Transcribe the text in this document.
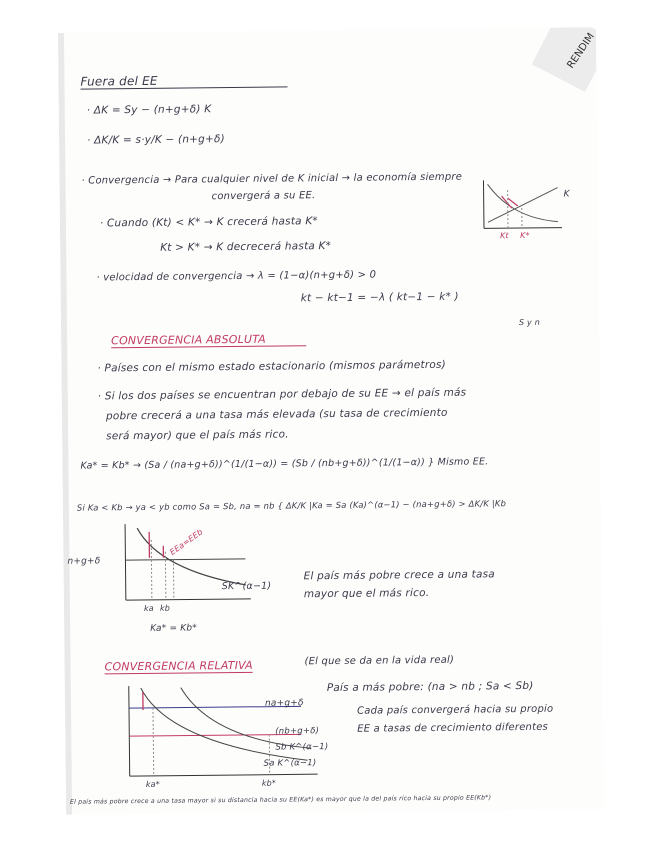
RENDIM
Fuera del EE
· ΔK = Sy − (n+g+δ) K
· ΔK/K = s·y/K − (n+g+δ)
· Convergencia → Para cualquier nivel de K inicial → la economía siempre
convergerá a su EE.
· Cuando (Kt) < K* → K crecerá hasta K*
Kt > K* → K decrecerá hasta K*
· velocidad de convergencia → λ = (1−α)(n+g+δ) > 0
kt − kt−1 = −λ ( kt−1 − k* )
K
Kt K*
CONVERGENCIA ABSOLUTA
S y n
· Países con el mismo estado estacionario (mismos parámetros)
· Si los dos países se encuentran por debajo de su EE → el país más
pobre crecerá a una tasa más elevada (su tasa de crecimiento
será mayor) que el país más rico.
Ka* = Kb* → (Sa / (na+g+δ))^(1/(1−α)) = (Sb / (nb+g+δ))^(1/(1−α)) } Mismo EE.
Si Ka < Kb → ya < yb como Sa = Sb, na = nb { ΔK/K |Ka = Sa (Ka)^(α−1) − (na+g+δ) > ΔK/K |Kb
n+g+δ
SK^(α−1)
EEa=EEb
ka kb
Ka* = Kb*
El país más pobre crece a una tasa
mayor que el más rico.
CONVERGENCIA RELATIVA	(El que se da en la vida real)
País a más pobre: (na > nb ; Sa < Sb)
Cada país convergerá hacia su propio
EE a tasas de crecimiento diferentes
na+g+δ
(nb+g+δ)
Sb K^(α−1)
Sa K^(α−1)
ka*	kb*
El país más pobre crece a una tasa mayor si su distancia hacia su EE(Ka*) es mayor que la del país rico hacia su propio EE(Kb*)
